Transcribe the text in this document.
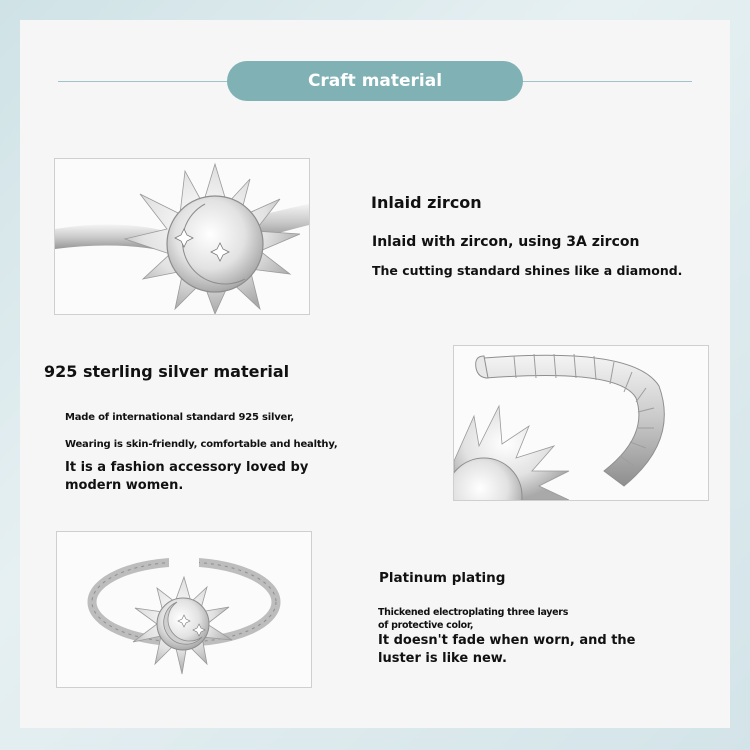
Craft material
Inlaid zircon
Inlaid with zircon, using 3A zircon
The cutting standard shines like a diamond.
925 sterling silver material
Made of international standard 925 silver,
Wearing is skin-friendly, comfortable and healthy,
It is a fashion accessory loved by modern women.
Platinum plating
Thickened electroplating three layers of protective color,
It doesn't fade when worn, and the luster is like new.
